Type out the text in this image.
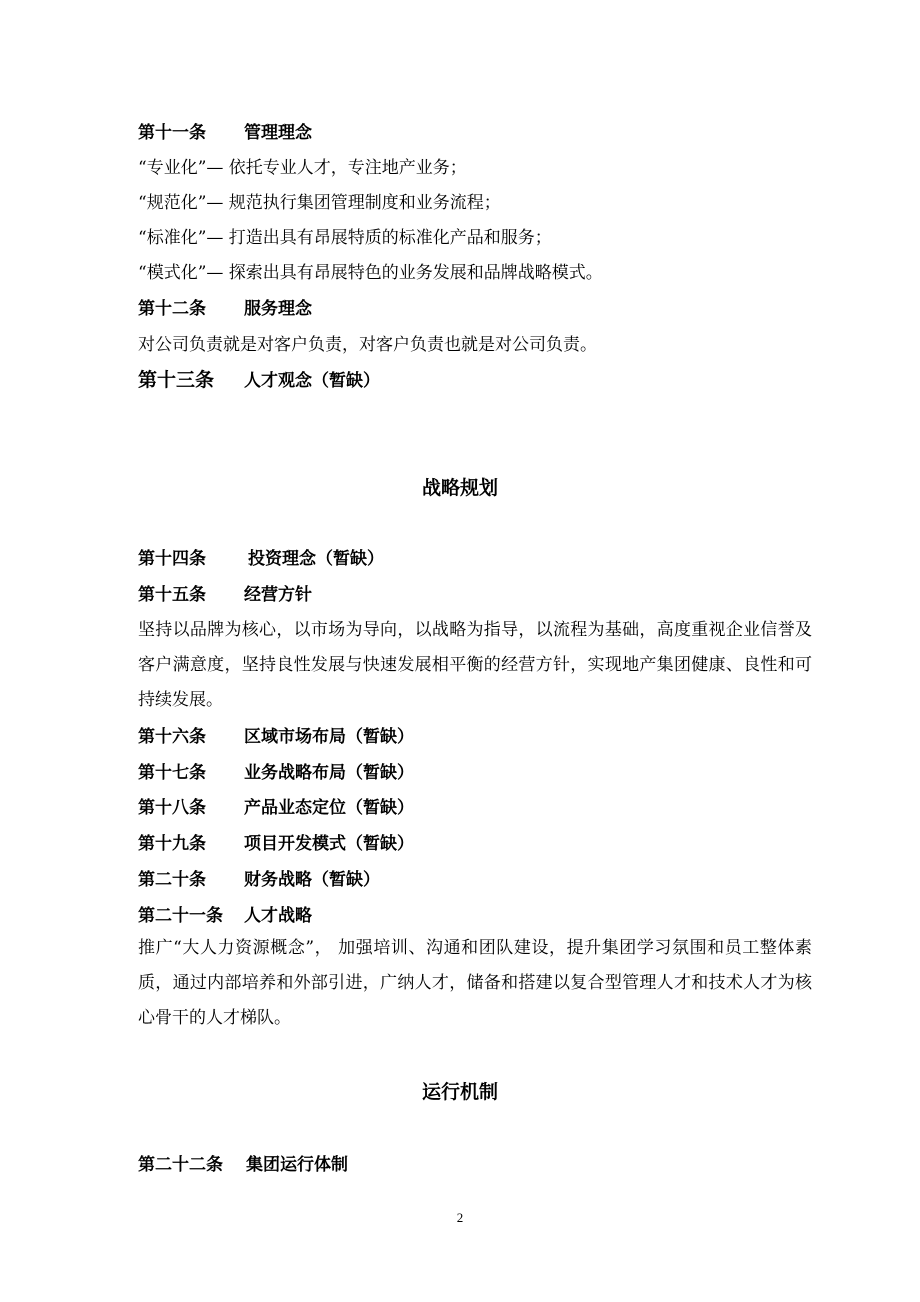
第十一条 管理理念
“专业化”— 依托专业人才，专注地产业务；
“规范化”— 规范执行集团管理制度和业务流程；
“标准化”— 打造出具有昂展特质的标准化产品和服务；
“模式化”— 探索出具有昂展特色的业务发展和品牌战略模式。
第十二条 服务理念
对公司负责就是对客户负责，对客户负责也就是对公司负责。
第十三条 人才观念（暂缺）
战略规划
第十四条 投资理念（暂缺）
第十五条 经营方针
坚持以品牌为核心，以市场为导向，以战略为指导，以流程为基础，高度重视企业信誉及客户满意度，坚持良性发展与快速发展相平衡的经营方针，实现地产集团健康、良性和可持续发展。
第十六条 区域市场布局（暂缺）
第十七条 业务战略布局（暂缺）
第十八条 产品业态定位（暂缺）
第十九条 项目开发模式（暂缺）
第二十条 财务战略（暂缺）
第二十一条 人才战略
推广“大人力资源概念”， 加强培训、沟通和团队建设，提升集团学习氛围和员工整体素质，通过内部培养和外部引进，广纳人才，储备和搭建以复合型管理人才和技术人才为核心骨干的人才梯队。
运行机制
第二十二条 集团运行体制
2
